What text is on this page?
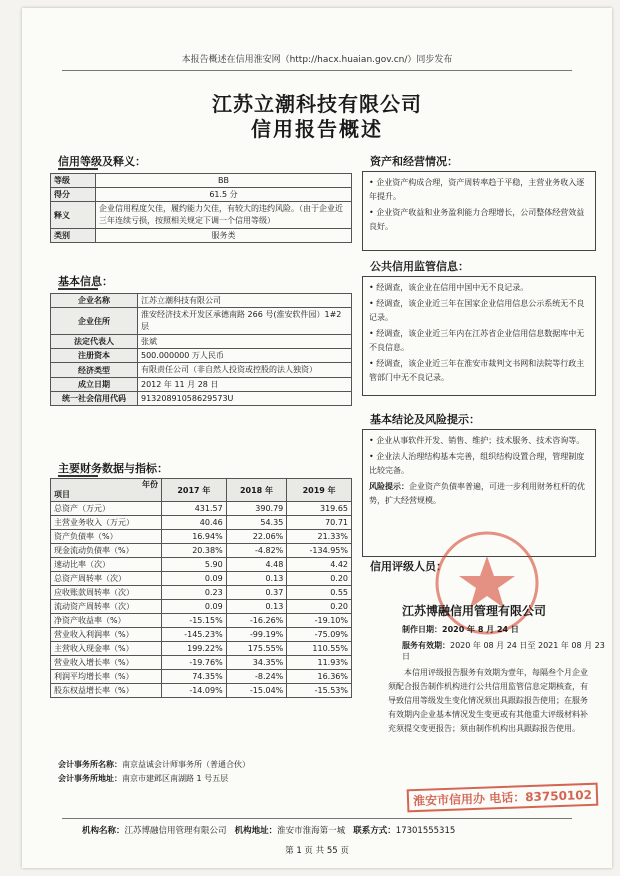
本报告概述在信用淮安网（http://hacx.huaian.gov.cn/）同步发布
江苏立潮科技有限公司
信用报告概述
信用等级及释义：
等级	BB
得分	61.5 分
释义	企业信用程度欠佳，履约能力欠佳，有较大的违约风险。（由于企业近三年连续亏损，按照相关规定下调一个信用等级）
类别	服务类
基本信息：
企业名称	江苏立潮科技有限公司
企业住所	淮安经济技术开发区承德南路 266 号(淮安软件园）1#2 层
法定代表人	张斌
注册资本	500.000000 万人民币
经济类型	有限责任公司（非自然人投资或控股的法人独资）
成立日期	2012 年 11 月 28 日
统一社会信用代码	91320891058629573U
主要财务数据与指标：
年份
项目	2017 年	2018 年	2019 年
总资产（万元）	431.57	390.79	319.65
主营业务收入（万元）	40.46	54.35	70.71
资产负债率（%）	16.94%	22.06%	21.33%
现金流动负债率（%）	20.38%	-4.82%	-134.95%
速动比率（次）	5.90	4.48	4.42
总资产周转率（次）	0.09	0.13	0.20
应收账款周转率（次）	0.23	0.37	0.55
流动资产周转率（次）	0.09	0.13	0.20
净资产收益率（%）	-15.15%	-16.26%	-19.10%
营业收入利润率（%）	-145.23%	-99.19%	-75.09%
主营收入现金率（%）	199.22%	175.55%	110.55%
营业收入增长率（%）	-19.76%	34.35%	11.93%
利润平均增长率（%）	74.35%	-8.24%	16.36%
股东权益增长率（%）	-14.09%	-15.04%	-15.53%
会计事务所名称：南京益诚会计师事务所（普通合伙）
会计事务所地址：南京市建邺区南湖路 1 号五层
资产和经营情况：

• 企业资产构成合理，资产周转率趋于平稳，主营业务收入逐年提升。

• 企业资产收益和业务盈利能力合理增长，公司整体经营效益良好。

公共信用监管信息：

• 经调查，该企业在信用中国中无不良记录。

• 经调查，该企业近三年在国家企业信用信息公示系统无不良记录。

• 经调查，该企业近三年内在江苏省企业信用信息数据库中无不良信息。

• 经调查，该企业近三年在淮安市裁判文书网和法院等行政主管部门中无不良记录。

基本结论及风险提示：

• 企业从事软件开发、销售、维护；技术服务、技术咨询等。

• 企业法人治理结构基本完善，组织结构设置合理，管理制度比较完备。

风险提示：企业资产负债率普遍，可进一步利用财务杠杆的优势，扩大经营规模。

信用评级人员：
江苏博融信用管理有限公司
制作日期：2020 年 8 月 24 日
服务有效期：2020 年 08 月 24 日至 2021 年 08 月 23 日
本信用评级报告服务有效期为壹年，每隔叁个月企业须配合报告制作机构进行公共信用监管信息定期核查，有导致信用等级发生变化情况须出具跟踪报告使用；在服务有效期内企业基本情况发生变更或有其他重大评级材料补充须提交变更报告；须由制作机构出具跟踪报告使用。
淮安市信用办 电话：83750102
机构名称：江苏博融信用管理有限公司 机构地址：淮安市淮海第一城 联系方式：17301555315
第 1 页 共 55 页
